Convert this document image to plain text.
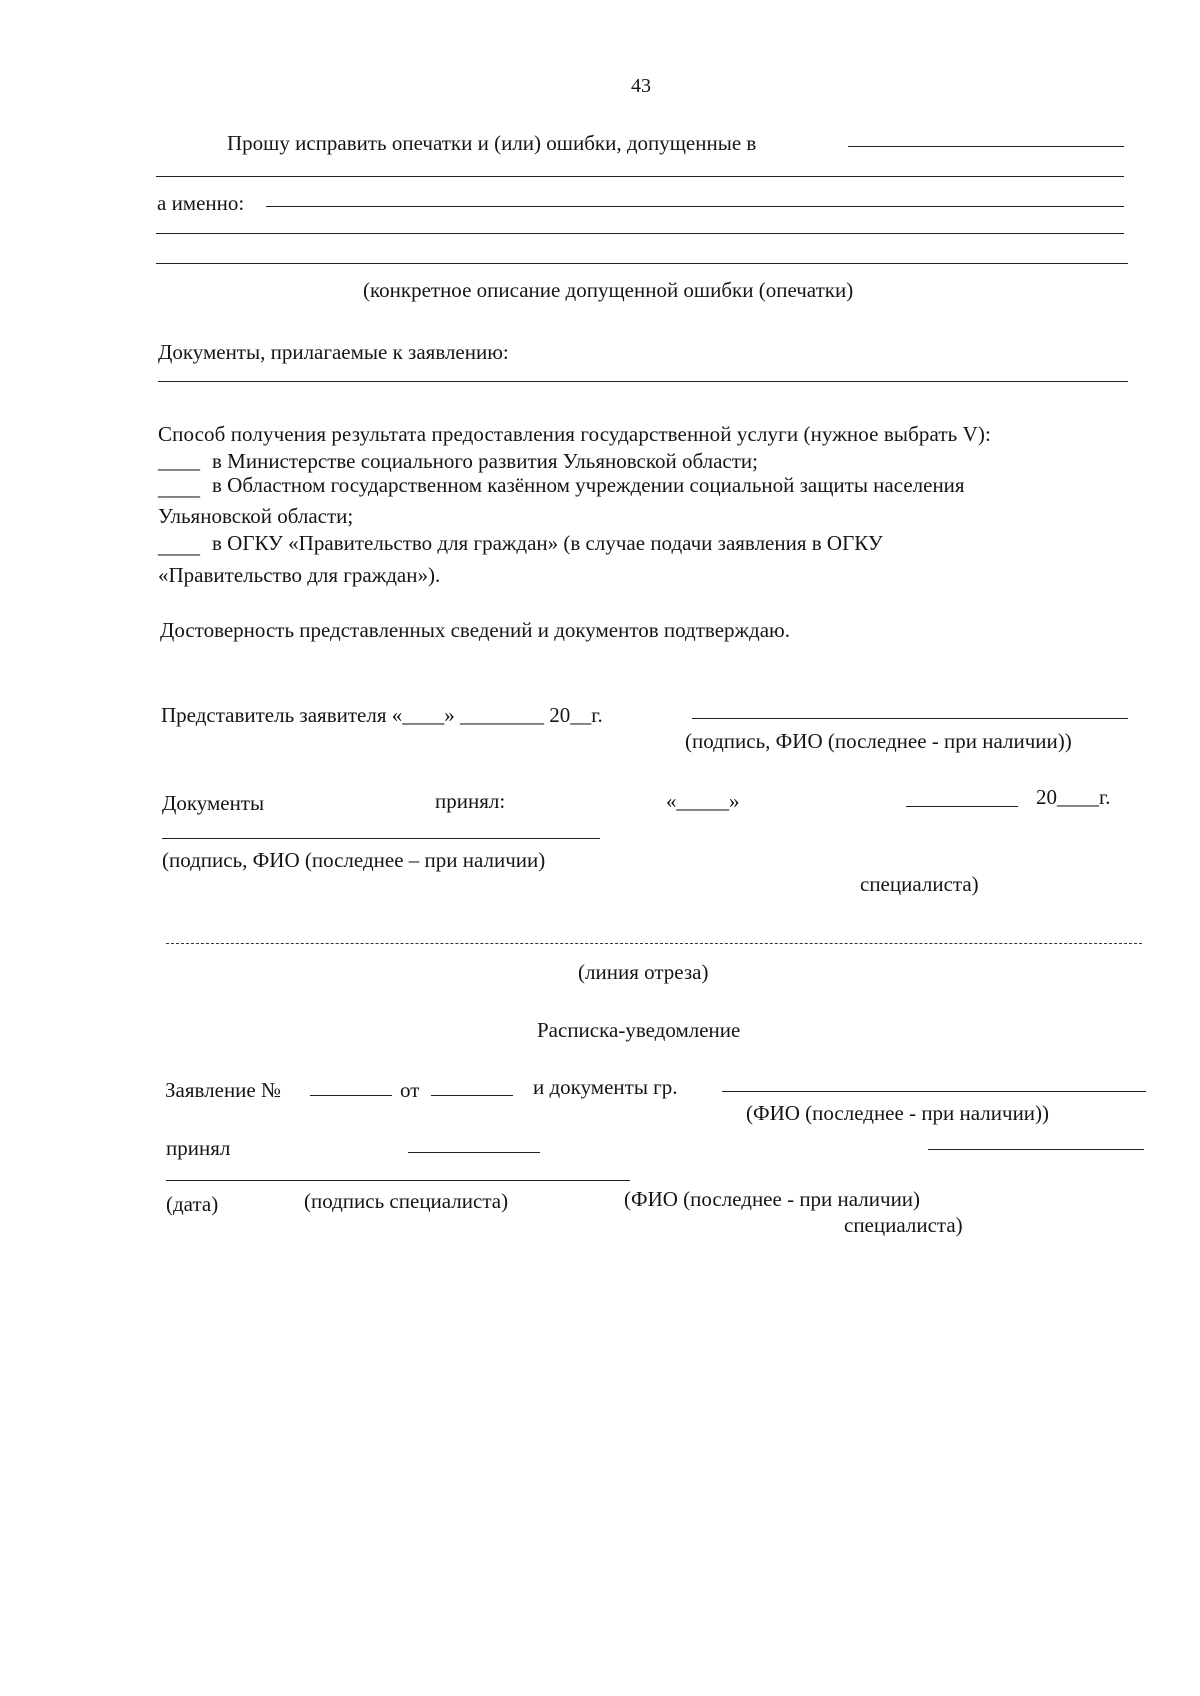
43
Прошу исправить опечатки и (или) ошибки, допущенные в
а именно:
(конкретное описание допущенной ошибки (опечатки)
Документы, прилагаемые к заявлению:
Способ получения результата предоставления государственной услуги (нужное выбрать V):
____ в Министерстве социального развития Ульяновской области;
____ в Областном государственном казённом учреждении социальной защиты населения
Ульяновской области;
____ в ОГКУ «Правительство для граждан» (в случае подачи заявления в ОГКУ
«Правительство для граждан»).
Достоверность представленных сведений и документов подтверждаю.
Представитель заявителя «____» ________ 20__г.
(подпись, ФИО (последнее - при наличии))
Документы	принял:	«_____»	20____г.
(подпись, ФИО (последнее – при наличии)
специалиста)
(линия отреза)
Расписка-уведомление
Заявление №	от	и документы гр.
(ФИО (последнее - при наличии))
принял
(дата)	(подпись специалиста)	(ФИО (последнее - при наличии)
специалиста)
